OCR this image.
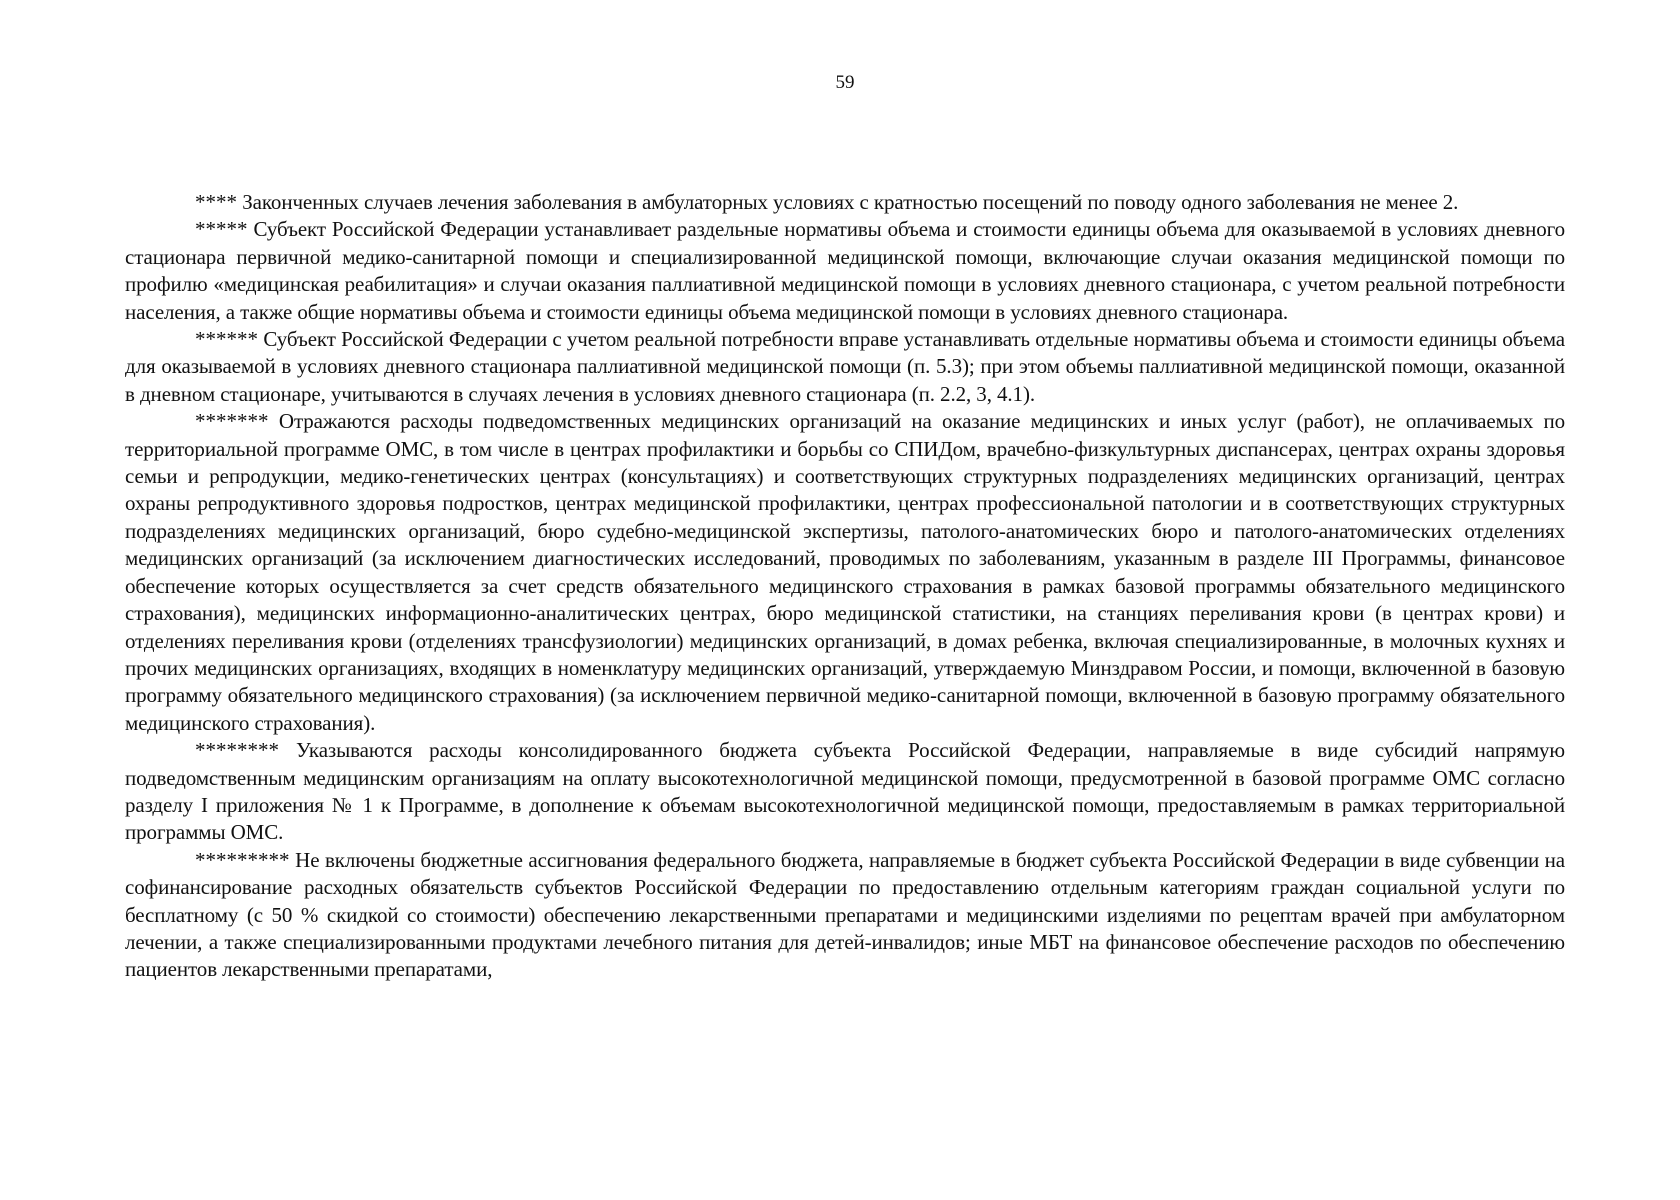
59

**** Законченных случаев лечения заболевания в амбулаторных условиях с кратностью посещений по поводу одного заболевания не менее 2.

***** Субъект Российской Федерации устанавливает раздельные нормативы объема и стоимости единицы объема для оказываемой в условиях дневного стационара первичной медико-санитарной помощи и специализированной медицинской помощи, включающие случаи оказания медицинской помощи по профилю «медицинская реабилитация» и случаи оказания паллиативной медицинской помощи в условиях дневного стационара, с учетом реальной потребности населения, а также общие нормативы объема и стоимости единицы объема медицинской помощи в условиях дневного стационара.

****** Субъект Российской Федерации с учетом реальной потребности вправе устанавливать отдельные нормативы объема и стоимости единицы объема для оказываемой в условиях дневного стационара паллиативной медицинской помощи (п. 5.3); при этом объемы паллиативной медицинской помощи, оказанной в дневном стационаре, учитываются в случаях лечения в условиях дневного стационара (п. 2.2, 3, 4.1).

******* Отражаются расходы подведомственных медицинских организаций на оказание медицинских и иных услуг (работ), не оплачиваемых по территориальной программе ОМС, в том числе в центрах профилактики и борьбы со СПИДом, врачебно-физкультурных диспансерах, центрах охраны здоровья семьи и репродукции, медико-генетических центрах (консультациях) и соответствующих структурных подразделениях медицинских организаций, центрах охраны репродуктивного здоровья подростков, центрах медицинской профилактики, центрах профессиональной патологии и в соответствующих структурных подразделениях медицинских организаций, бюро судебно-медицинской экспертизы, патолого-анатомических бюро и патолого-анатомических отделениях медицинских организаций (за исключением диагностических исследований, проводимых по заболеваниям, указанным в разделе III Программы, финансовое обеспечение которых осуществляется за счет средств обязательного медицинского страхования в рамках базовой программы обязательного медицинского страхования), медицинских информационно-аналитических центрах, бюро медицинской статистики, на станциях переливания крови (в центрах крови) и отделениях переливания крови (отделениях трансфузиологии) медицинских организаций, в домах ребенка, включая специализированные, в молочных кухнях и прочих медицинских организациях, входящих в номенклатуру медицинских организаций, утверждаемую Минздравом России, и помощи, включенной в базовую программу обязательного медицинского страхования) (за исключением первичной медико-санитарной помощи, включенной в базовую программу обязательного медицинского страхования).

******** Указываются расходы консолидированного бюджета субъекта Российской Федерации, направляемые в виде субсидий напрямую подведомственным медицинским организациям на оплату высокотехнологичной медицинской помощи, предусмотренной в базовой программе ОМС согласно разделу I приложения № 1 к Программе, в дополнение к объемам высокотехнологичной медицинской помощи, предоставляемым в рамках территориальной программы ОМС.

********* Не включены бюджетные ассигнования федерального бюджета, направляемые в бюджет субъекта Российской Федерации в виде субвенции на софинансирование расходных обязательств субъектов Российской Федерации по предоставлению отдельным категориям граждан социальной услуги по бесплатному (с 50 % скидкой со стоимости) обеспечению лекарственными препаратами и медицинскими изделиями по рецептам врачей при амбулаторном лечении, а также специализированными продуктами лечебного питания для детей-инвалидов; иные МБТ на финансовое обеспечение расходов по обеспечению пациентов лекарственными препаратами,
